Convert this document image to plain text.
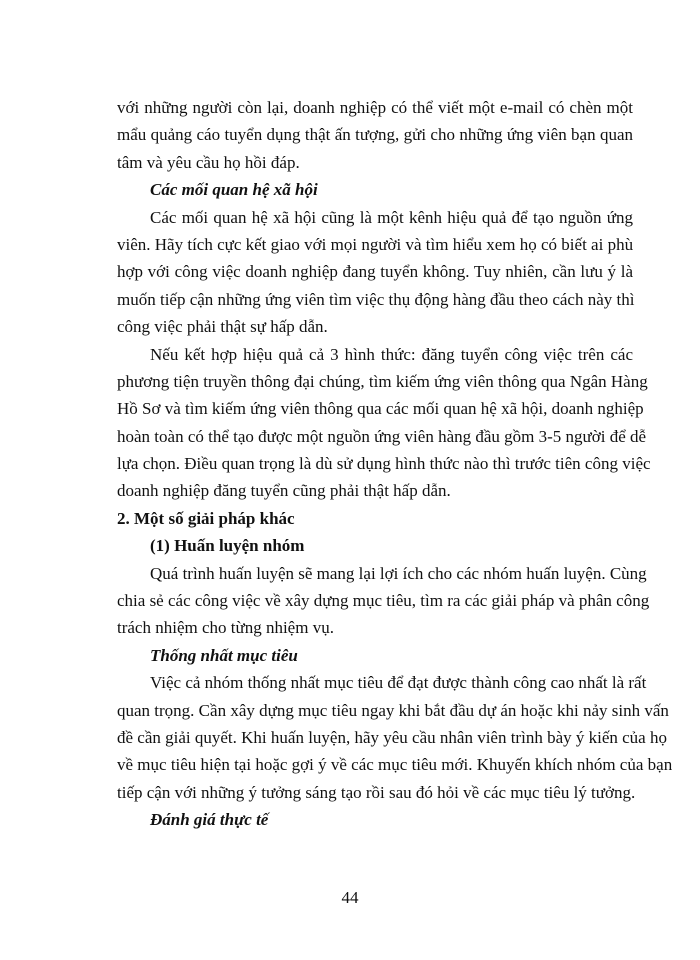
với những người còn lại, doanh nghiệp có thể viết một e-mail có chèn một
mẩu quảng cáo tuyển dụng thật ấn tượng, gửi cho những ứng viên bạn quan
tâm và yêu cầu họ hồi đáp.
Các mối quan hệ xã hội
Các mối quan hệ xã hội cũng là một kênh hiệu quả để tạo nguồn ứng
viên. Hãy tích cực kết giao với mọi người và tìm hiểu xem họ có biết ai phù
hợp với công việc doanh nghiệp đang tuyển không. Tuy nhiên, cần lưu ý là
muốn tiếp cận những ứng viên tìm việc thụ động hàng đầu theo cách này thì
công việc phải thật sự hấp dẫn.
Nếu kết hợp hiệu quả cả 3 hình thức: đăng tuyển công việc trên các
phương tiện truyền thông đại chúng, tìm kiếm ứng viên thông qua Ngân Hàng
Hồ Sơ và tìm kiếm ứng viên thông qua các mối quan hệ xã hội, doanh nghiệp
hoàn toàn có thể tạo được một nguồn ứng viên hàng đầu gồm 3-5 người để dễ
lựa chọn. Điều quan trọng là dù sử dụng hình thức nào thì trước tiên công việc
doanh nghiệp đăng tuyển cũng phải thật hấp dẫn.
2. Một số giải pháp khác
(1) Huấn luyện nhóm
Quá trình huấn luyện sẽ mang lại lợi ích cho các nhóm huấn luyện. Cùng
chia sẻ các công việc về xây dựng mục tiêu, tìm ra các giải pháp và phân công
trách nhiệm cho từng nhiệm vụ.
Thống nhất mục tiêu
Việc cả nhóm thống nhất mục tiêu để đạt được thành công cao nhất là rất
quan trọng. Cần xây dựng mục tiêu ngay khi bắt đầu dự án hoặc khi nảy sinh vấn
đề cần giải quyết. Khi huấn luyện, hãy yêu cầu nhân viên trình bày ý kiến của họ
về mục tiêu hiện tại hoặc gợi ý về các mục tiêu mới. Khuyến khích nhóm của bạn
tiếp cận với những ý tưởng sáng tạo rồi sau đó hỏi về các mục tiêu lý tưởng.
Đánh giá thực tế
44
